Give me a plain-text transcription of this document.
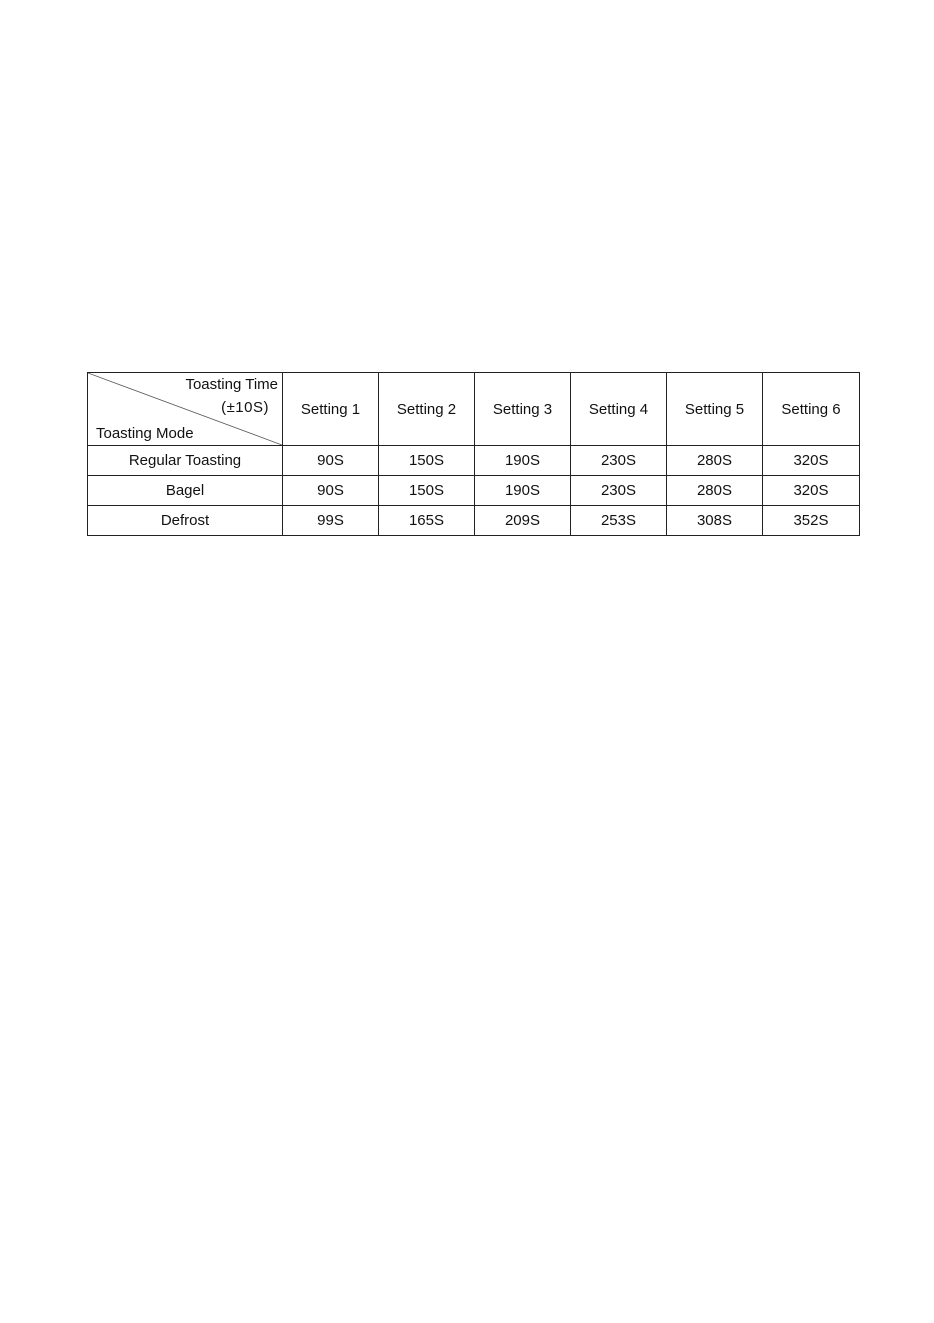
Toasting Time
(±10S)
Toasting Mode	Setting 1	Setting 2	Setting 3	Setting 4	Setting 5	Setting 6
Regular Toasting	90S	150S	190S	230S	280S	320S
Bagel	90S	150S	190S	230S	280S	320S
Defrost	99S	165S	209S	253S	308S	352S
